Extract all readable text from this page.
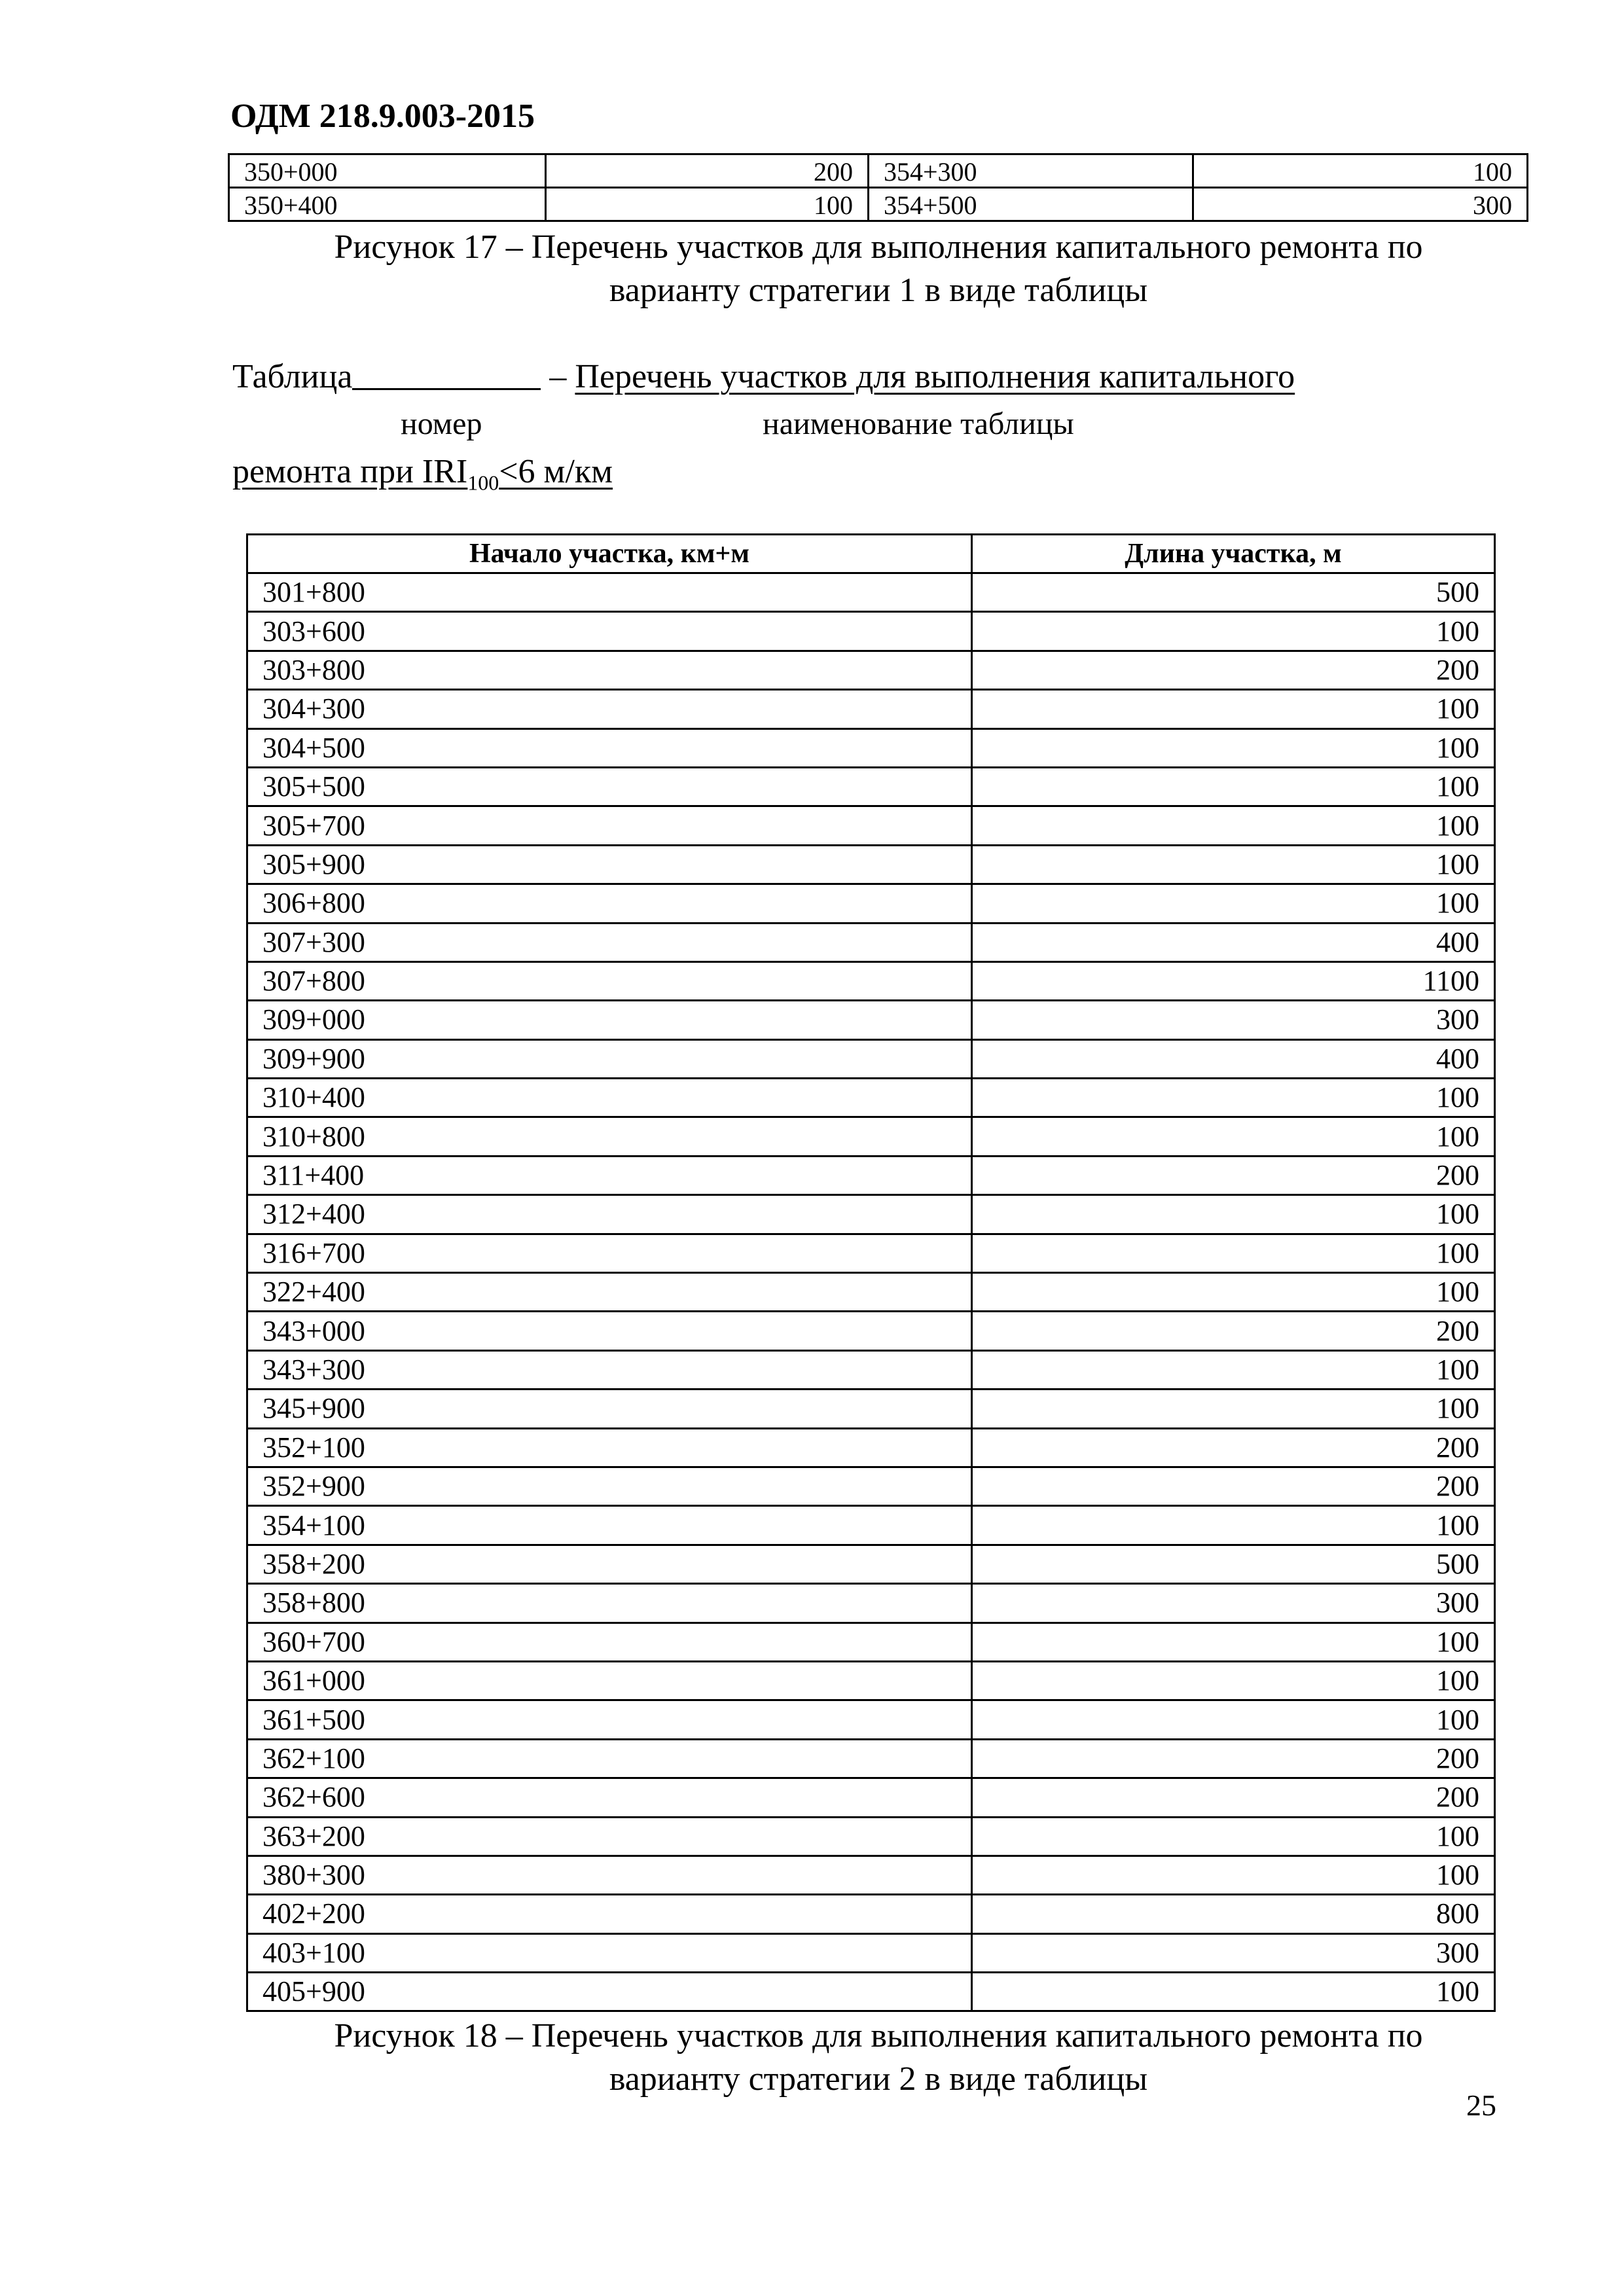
ОДМ 218.9.003-2015
350+000	200	354+300	100
350+400	100	354+500	300
Рисунок 17 – Перечень участков для выполнения капитального ремонта по
варианту стратегии 1 в виде таблицы
Таблица	– Перечень участков для выполнения капитального
номер	наименование таблицы
ремонта при $IRI_{100}<6$ м/км
Начало участка, км+м	Длина участка, м
301+800	500
303+600	100
303+800	200
304+300	100
304+500	100
305+500	100
305+700	100
305+900	100
306+800	100
307+300	400
307+800	1100
309+000	300
309+900	400
310+400	100
310+800	100
311+400	200
312+400	100
316+700	100
322+400	100
343+000	200
343+300	100
345+900	100
352+100	200
352+900	200
354+100	100
358+200	500
358+800	300
360+700	100
361+000	100
361+500	100
362+100	200
362+600	200
363+200	100
380+300	100
402+200	800
403+100	300
405+900	100
Рисунок 18 – Перечень участков для выполнения капитального ремонта по
варианту стратегии 2 в виде таблицы
25
